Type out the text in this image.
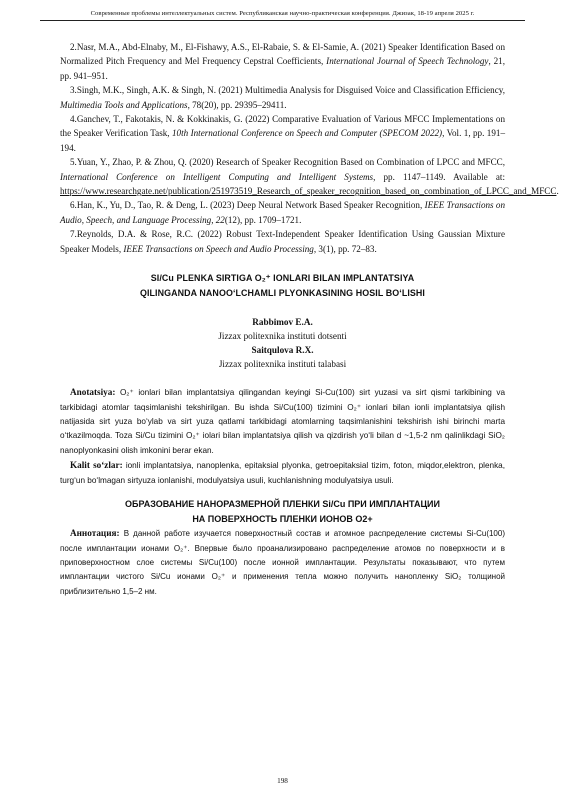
Современные проблемы интеллектуальных систем. Республиканская научно-практическая конференция. Джизак, 18-19 апреля 2025 г.

2.Nasr, M.A., Abd-Elnaby, M., El-Fishawy, A.S., El-Rabaie, S. & El-Samie, A. (2021) Speaker Identification Based on Normalized Pitch Frequency and Mel Frequency Cepstral Coefficients, International Journal of Speech Technology, 21, pp. 941–951.

3.Singh, M.K., Singh, A.K. & Singh, N. (2021) Multimedia Analysis for Disguised Voice and Classification Efficiency, Multimedia Tools and Applications, 78(20), pp. 29395–29411.

4.Ganchev, T., Fakotakis, N. & Kokkinakis, G. (2022) Comparative Evaluation of Various MFCC Implementations on the Speaker Verification Task, 10th International Conference on Speech and Computer (SPECOM 2022), Vol. 1, pp. 191–194.

5.Yuan, Y., Zhao, P. & Zhou, Q. (2020) Research of Speaker Recognition Based on Combination of LPCC and MFCC, International Conference on Intelligent Computing and Intelligent Systems, pp. 1147–1149. Available at: https://www.researchgate.net/publication/251973519_Research_of_speaker_recognition_based_on_combination_of_LPCC_and_MFCC.

6.Han, K., Yu, D., Tao, R. & Deng, L. (2023) Deep Neural Network Based Speaker Recognition, IEEE Transactions on Audio, Speech, and Language Processing, 22(12), pp. 1709–1721.

7.Reynolds, D.A. & Rose, R.C. (2022) Robust Text-Independent Speaker Identification Using Gaussian Mixture Speaker Models, IEEE Transactions on Speech and Audio Processing, 3(1), pp. 72–83.

SI/Cu PLENKA SIRTIGA O₂⁺ IONLARI BILAN IMPLANTATSIYA
QILINGANDA NANOO‘LCHAMLI PLYONKASINING HOSIL BO‘LISHI
Rabbimov E.A.
Jizzax politexnika instituti dotsenti
Saitqulova R.X.
Jizzax politexnika instituti talabasi

Anotatsiya: O₂⁺ ionlari bilan implantatsiya qilingandan keyingi Si-Cu(100) sirt yuzasi va sirt qismi tarkibining va tarkibidagi atomlar taqsimlanishi tekshirilgan. Bu ishda Si/Cu(100) tizimini O₂⁺ ionlari bilan ionli implantatsiya qilish natijasida sirt yuza bo‘ylab va sirt yuza qatlami tarkibidagi atomlarning taqsimlanishini tekshirish ishi birinchi marta o‘tkazilmoqda. Toza Si/Cu tizimini O₂⁺ iolari bilan implantatsiya qilish va qizdirish yo‘li bilan d ~1,5-2 nm qalinlikdagi SiO₂ nanoplyonkasini olish imkonini berar ekan.

Kalit so‘zlar: ionli implantatsiya, nanoplenka, epitaksial plyonka, getroepitaksial tizim, foton, miqdor,elektron, plenka, turg‘un bo‘lmagan sirtyuza ionlanishi, modulyatsiya usuli, kuchlanishning modulyatsiya usuli.

ОБРАЗОВАНИЕ НАНОРАЗМЕРНОЙ ПЛЕНКИ Si/Cu ПРИ ИМПЛАНТАЦИИ
НА ПОВЕРХНОСТЬ ПЛЕНКИ ИОНОВ O2+

Аннотация: В данной работе изучается поверхностный состав и атомное распределение системы Si-Cu(100) после имплантации ионами O₂⁺. Впервые было проанализировано распределение атомов по поверхности и в приповерхностном слое системы Si/Cu(100) после ионной имплантации. Результаты показывают, что путем имплантации чистого Si/Cu ионами O₂⁺ и применения тепла можно получить нанопленку SiO₂ толщиной приблизительно 1,5–2 нм.

198
